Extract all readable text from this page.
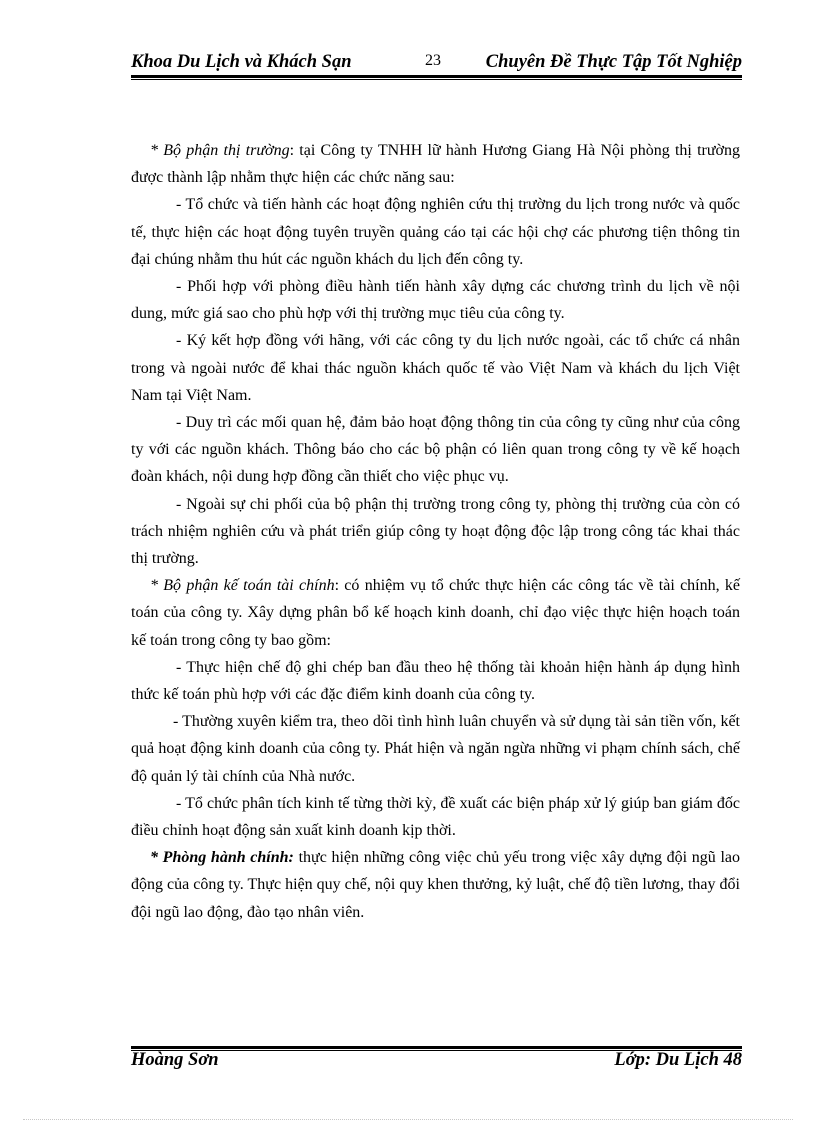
Khoa Du Lịch và Khách Sạn	23 Chuyên Đề Thực Tập Tốt Nghiệp

* Bộ phận thị trường: tại Công ty TNHH lữ hành Hương Giang Hà Nội phòng thị trường được thành lập nhằm thực hiện các chức năng sau:

- Tổ chức và tiến hành các hoạt động nghiên cứu thị trường du lịch trong nước và quốc tế, thực hiện các hoạt động tuyên truyền quảng cáo tại các hội chợ các phương tiện thông tin đại chúng nhằm thu hút các nguồn khách du lịch đến công ty.

- Phối hợp với phòng điều hành tiến hành xây dựng các chương trình du lịch về nội dung, mức giá sao cho phù hợp với thị trường mục tiêu của công ty.

- Ký kết hợp đồng với hãng, với các công ty du lịch nước ngoài, các tổ chức cá nhân trong và ngoài nước để khai thác nguồn khách quốc tế vào Việt Nam và khách du lịch Việt Nam tại Việt Nam.

- Duy trì các mối quan hệ, đảm bảo hoạt động thông tin của công ty cũng như của công ty với các nguồn khách. Thông báo cho các bộ phận có liên quan trong công ty về kế hoạch đoàn khách, nội dung hợp đồng cần thiết cho việc phục vụ.

- Ngoài sự chi phối của bộ phận thị trường trong công ty, phòng thị trường của còn có trách nhiệm nghiên cứu và phát triển giúp công ty hoạt động độc lập trong công tác khai thác thị trường.

* Bộ phận kế toán tài chính: có nhiệm vụ tổ chức thực hiện các công tác về tài chính, kế toán của công ty. Xây dựng phân bổ kế hoạch kinh doanh, chỉ đạo việc thực hiện hoạch toán kế toán trong công ty bao gồm:

- Thực hiện chế độ ghi chép ban đầu theo hệ thống tài khoản hiện hành áp dụng hình thức kế toán phù hợp với các đặc điểm kinh doanh của công ty.

- Thường xuyên kiểm tra, theo dõi tình hình luân chuyển và sử dụng tài sản tiền vốn, kết quả hoạt động kinh doanh của công ty. Phát hiện và ngăn ngừa những vi phạm chính sách, chế độ quản lý tài chính của Nhà nước.

- Tổ chức phân tích kinh tế từng thời kỳ, đề xuất các biện pháp xử lý giúp ban giám đốc điều chỉnh hoạt động sản xuất kinh doanh kịp thời.

* Phòng hành chính: thực hiện những công việc chủ yếu trong việc xây dựng đội ngũ lao động của công ty. Thực hiện quy chế, nội quy khen thưởng, kỷ luật, chế độ tiền lương, thay đổi đội ngũ lao động, đào tạo nhân viên.

Hoàng Sơn	Lớp: Du Lịch 48
